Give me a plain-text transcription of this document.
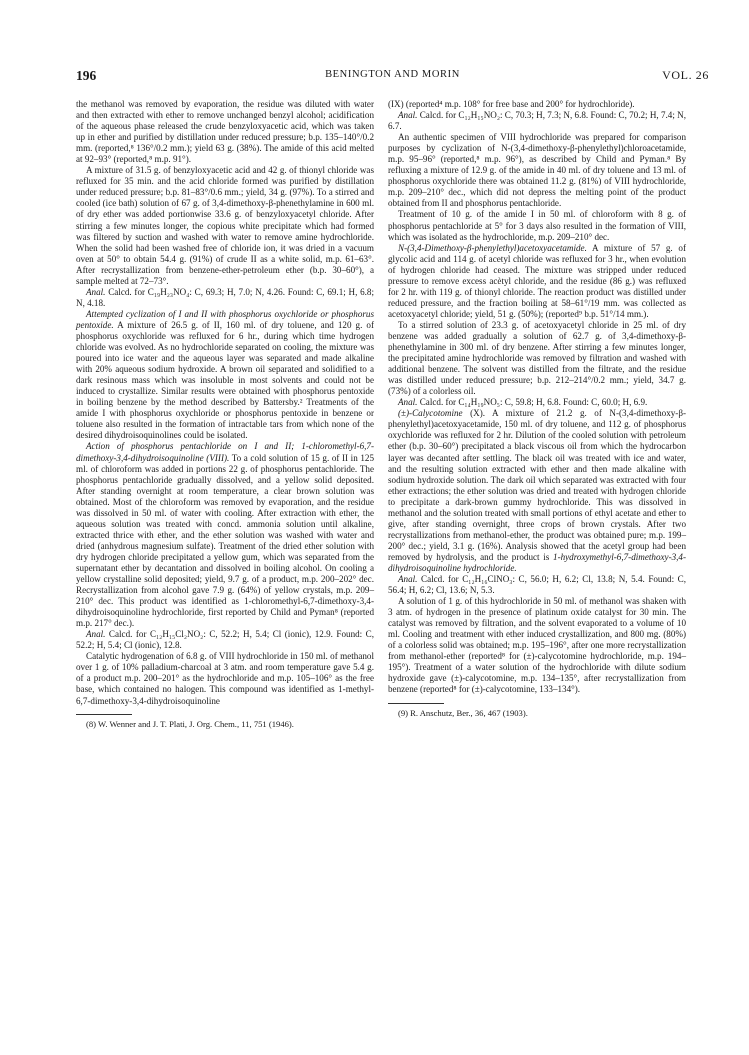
196	BENINGTON AND MORIN	VOL. 26

the methanol was removed by evaporation, the residue was diluted with water and then extracted with ether to remove unchanged benzyl alcohol; acidification of the aqueous phase released the crude benzyloxyacetic acid, which was taken up in ether and purified by distillation under reduced pressure; b.p. 135–140°/0.2 mm. (reported,⁸ 136°/0.2 mm.); yield 63 g. (38%). The amide of this acid melted at 92–93° (reported,⁸ m.p. 91°).

A mixture of 31.5 g. of benzyloxyacetic acid and 42 g. of thionyl chloride was refluxed for 35 min. and the acid chloride formed was purified by distillation under reduced pressure; b.p. 81–83°/0.6 mm.; yield, 34 g. (97%). To a stirred and cooled (ice bath) solution of 67 g. of 3,4-dimethoxy-β-phenethylamine in 600 ml. of dry ether was added portionwise 33.6 g. of benzyloxyacetyl chloride. After stirring a few minutes longer, the copious white precipitate which had formed was filtered by suction and washed with water to remove amine hydrochloride. When the solid had been washed free of chloride ion, it was dried in a vacuum oven at 50° to obtain 54.4 g. (91%) of crude II as a white solid, m.p. 61–63°. After recrystallization from benzene-ether-petroleum ether (b.p. 30–60°), a sample melted at 72–73°.

Anal. Calcd. for C₁₉H₂₃NO₄: C, 69.3; H, 7.0; N, 4.26. Found: C, 69.1; H, 6.8; N, 4.18.

Attempted cyclization of I and II with phosphorus oxychloride or phosphorus pentoxide. A mixture of 26.5 g. of II, 160 ml. of dry toluene, and 120 g. of phosphorus oxychloride was refluxed for 6 hr., during which time hydrogen chloride was evolved. As no hydrochloride separated on cooling, the mixture was poured into ice water and the aqueous layer was separated and made alkaline with 20% aqueous sodium hydroxide. A brown oil separated and solidified to a dark resinous mass which was insoluble in most solvents and could not be induced to crystallize. Similar results were obtained with phosphorus pentoxide in boiling benzene by the method described by Battersby.² Treatments of the amide I with phosphorus oxychloride or phosphorus pentoxide in benzene or toluene also resulted in the formation of intractable tars from which none of the desired dihydroisoquinolines could be isolated.

Action of phosphorus pentachloride on I and II; 1-chloromethyl-6,7-dimethoxy-3,4-dihydroisoquinoline (VIII). To a cold solution of 15 g. of II in 125 ml. of chloroform was added in portions 22 g. of phosphorus pentachloride. The phosphorus pentachloride gradually dissolved, and a yellow solid deposited. After standing overnight at room temperature, a clear brown solution was obtained. Most of the chloroform was removed by evaporation, and the residue was dissolved in 50 ml. of water with cooling. After extraction with ether, the aqueous solution was treated with concd. ammonia solution until alkaline, extracted thrice with ether, and the ether solution was washed with water and dried (anhydrous magnesium sulfate). Treatment of the dried ether solution with dry hydrogen chloride precipitated a yellow gum, which was separated from the supernatant ether by decantation and dissolved in boiling alcohol. On cooling a yellow crystalline solid deposited; yield, 9.7 g. of a product, m.p. 200–202° dec. Recrystallization from alcohol gave 7.9 g. (64%) of yellow crystals, m.p. 209–210° dec. This product was identified as 1-chloromethyl-6,7-dimethoxy-3,4-dihydroisoquinoline hydrochloride, first reported by Child and Pyman⁸ (reported m.p. 217° dec.).

Anal. Calcd. for C₁₂H₁₅Cl₂NO₂: C, 52.2; H, 5.4; Cl (ionic), 12.9. Found: C, 52.2; H, 5.4; Cl (ionic), 12.8.

Catalytic hydrogenation of 6.8 g. of VIII hydrochloride in 150 ml. of methanol over 1 g. of 10% palladium-charcoal at 3 atm. and room temperature gave 5.4 g. of a product m.p. 200–201° as the hydrochloride and m.p. 105–106° as the free base, which contained no halogen. This compound was identified as 1-methyl-6,7-dimethoxy-3,4-dihydroisoquinoline

(8) W. Wenner and J. T. Plati, J. Org. Chem., 11, 751 (1946).

(IX) (reported⁴ m.p. 108° for free base and 200° for hydrochloride).

Anal. Calcd. for C₁₂H₁₅NO₂: C, 70.3; H, 7.3; N, 6.8. Found: C, 70.2; H, 7.4; N, 6.7.

An authentic specimen of VIII hydrochloride was prepared for comparison purposes by cyclization of N-(3,4-dimethoxy-β-phenylethyl)chloroacetamide, m.p. 95–96° (reported,⁸ m.p. 96°), as described by Child and Pyman.⁸ By refluxing a mixture of 12.9 g. of the amide in 40 ml. of dry toluene and 13 ml. of phosphorus oxychloride there was obtained 11.2 g. (81%) of VIII hydrochloride, m.p. 209–210° dec., which did not depress the melting point of the product obtained from II and phosphorus pentachloride.

Treatment of 10 g. of the amide I in 50 ml. of chloroform with 8 g. of phosphorus pentachloride at 5° for 3 days also resulted in the formation of VIII, which was isolated as the hydrochloride, m.p. 209–210° dec.

N-(3,4-Dimethoxy-β-phenylethyl)acetoxyacetamide. A mixture of 57 g. of glycolic acid and 114 g. of acetyl chloride was refluxed for 3 hr., when evolution of hydrogen chloride had ceased. The mixture was stripped under reduced pressure to remove excess acètyl chloride, and the residue (86 g.) was refluxed for 2 hr. with 119 g. of thionyl chloride. The reaction product was distilled under reduced pressure, and the fraction boiling at 58–61°/19 mm. was collected as acetoxyacetyl chloride; yield, 51 g. (50%); (reported⁹ b.p. 51°/14 mm.).

To a stirred solution of 23.3 g. of acetoxyacetyl chloride in 25 ml. of dry benzene was added gradually a solution of 62.7 g. of 3,4-dimethoxy-β-phenethylamine in 300 ml. of dry benzene. After stirring a few minutes longer, the precipitated amine hydrochloride was removed by filtration and washed with additional benzene. The solvent was distilled from the filtrate, and the residue was distilled under reduced pressure; b.p. 212–214°/0.2 mm.; yield, 34.7 g. (73%) of a colorless oil.

Anal. Calcd. for C₁₄H₁₉NO₅: C, 59.8; H, 6.8. Found: C, 60.0; H, 6.9.

(±)-Calycotomine (X). A mixture of 21.2 g. of N-(3,4-dimethoxy-β-phenylethyl)acetoxyacetamide, 150 ml. of dry toluene, and 112 g. of phosphorus oxychloride was refluxed for 2 hr. Dilution of the cooled solution with petroleum ether (b.p. 30–60°) precipitated a black viscous oil from which the hydrocarbon layer was decanted after settling. The black oil was treated with ice and water, and the resulting solution extracted with ether and then made alkaline with sodium hydroxide solution. The dark oil which separated was extracted with four ether extractions; the ether solution was dried and treated with hydrogen chloride to precipitate a dark-brown gummy hydrochloride. This was dissolved in methanol and the solution treated with small portions of ethyl acetate and ether to give, after standing overnight, three crops of brown crystals. After two recrystallizations from methanol-ether, the product was obtained pure; m.p. 199–200° dec.; yield, 3.1 g. (16%). Analysis showed that the acetyl group had been removed by hydrolysis, and the product is 1-hydroxymethyl-6,7-dimethoxy-3,4-dihydroisoquinoline hydrochloride.

Anal. Calcd. for C₁₂H₁₆ClNO₃: C, 56.0; H, 6.2; Cl, 13.8; N, 5.4. Found: C, 56.4; H, 6.2; Cl, 13.6; N, 5.3.

A solution of 1 g. of this hydrochloride in 50 ml. of methanol was shaken with 3 atm. of hydrogen in the presence of platinum oxide catalyst for 30 min. The catalyst was removed by filtration, and the solvent evaporated to a volume of 10 ml. Cooling and treatment with ether induced crystallization, and 800 mg. (80%) of a colorless solid was obtained; m.p. 195–196°, after one more recrystallization from methanol-ether (reported⁸ for (±)-calycotomine hydrochloride, m.p. 194–195°). Treatment of a water solution of the hydrochloride with dilute sodium hydroxide gave (±)-calycotomine, m.p. 134–135°, after recrystallization from benzene (reported⁸ for (±)-calycotomine, 133–134°).

(9) R. Anschutz, Ber., 36, 467 (1903).
